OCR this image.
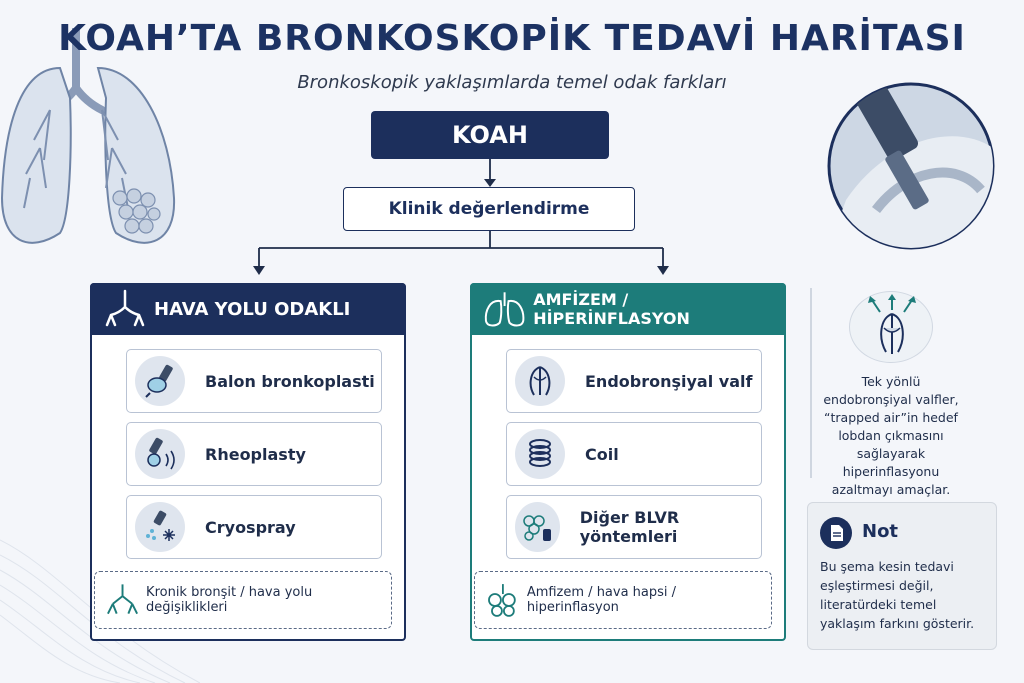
KOAH’TA BRONKOSKOPİK TEDAVİ HARİTASI
Bronkoskopik yaklaşımlarda temel odak farkları
KOAH
Klinik değerlendirme
HAVA YOLU ODAKLI
Balon bronkoplasti
Rheoplasty
Cryospray
Kronik bronşit / hava yolu değişiklikleri
AMFİZEM / HİPERİNFLASYON
Endobronşiyal valf
Coil
Diğer BLVR yöntemleri
Amfizem / hava hapsi / hiperinflasyon
Tek yönlü endobronşiyal valfler, “trapped air”in hedef lobdan çıkmasını sağlayarak hiperinflasyonu azaltmayı amaçlar.
Not
Bu şema kesin tedavi eşleştirmesi değil, literatürdeki temel yaklaşım farkını gösterir.
